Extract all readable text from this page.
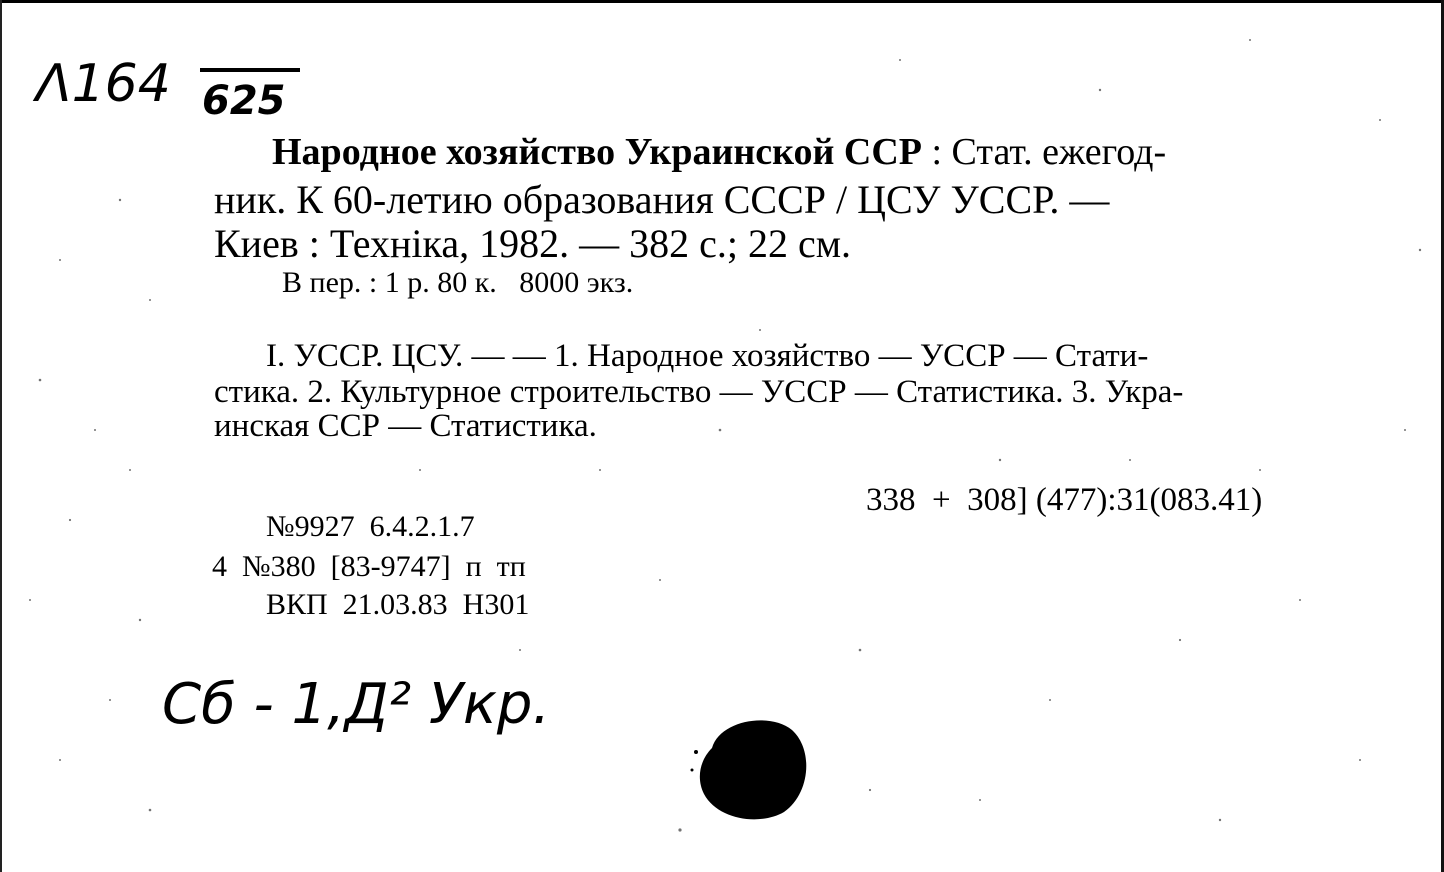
Λ164 625
Народное хозяйство Украинской ССР : Стат. ежегод-
ник. К 60-летию образования СССР / ЦСУ УССР. —
Киев : Техніка, 1982. — 382 с.; 22 см.
В пер. : 1 р. 80 к.   8000 экз.
I. УССР. ЦСУ. — — 1. Народное хозяйство — УССР — Стати-
стика. 2. Культурное строительство — УССР — Статистика. 3. Укра-
инская ССР — Статистика.
338  +  308] (477):31(083.41)
№9927  6.4.2.1.7
4  №380  [83-9747]  п  тп
ВКП  21.03.83  Н301
Сб - 1,Д² Укр.
